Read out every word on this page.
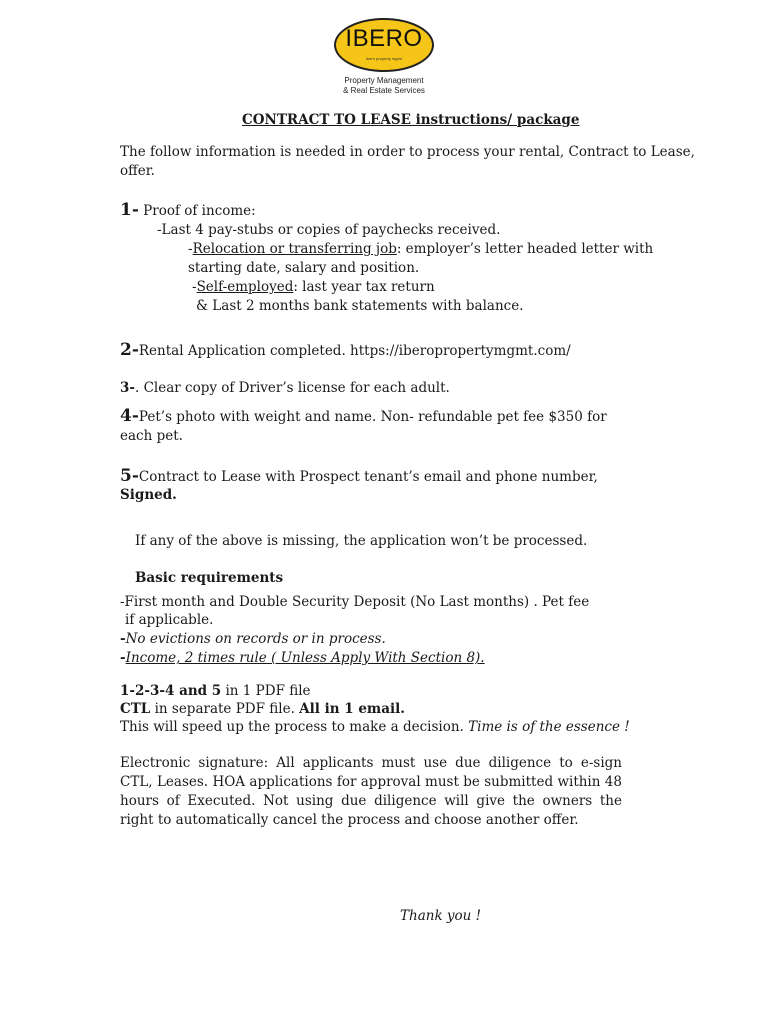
IBERO
ibero property mgmt
Property Management
& Real Estate Services
CONTRACT TO LEASE instructions/ package
The follow information is needed in order to process your rental, Contract to Lease,
offer.
1- Proof of income:
-Last 4 pay-stubs or copies of paychecks received.
-Relocation or transferring job: employer’s letter headed letter with
starting date, salary and position.
-Self-employed: last year tax return
& Last 2 months bank statements with balance.
2-Rental Application completed. https://iberopropertymgmt.com/
3-. Clear copy of Driver’s license for each adult.
4-Pet’s photo with weight and name. Non- refundable pet fee $350 for
each pet.
5-Contract to Lease with Prospect tenant’s email and phone number,
Signed.
If any of the above is missing, the application won’t be processed.
Basic requirements
-First month and Double Security Deposit (No Last months) . Pet fee
if applicable.
-No evictions on records or in process.
-Income, 2 times rule ( Unless Apply With Section 8).
1-2-3-4 and 5 in 1 PDF file
CTL in separate PDF file. All in 1 email.
This will speed up the process to make a decision. Time is of the essence !
Electronic signature: All applicants must use due diligence to e-sign CTL, Leases. HOA applications for approval must be submitted within 48 hours of Executed. Not using due diligence will give the owners the right to automatically cancel the process and choose another offer.
Thank you !
